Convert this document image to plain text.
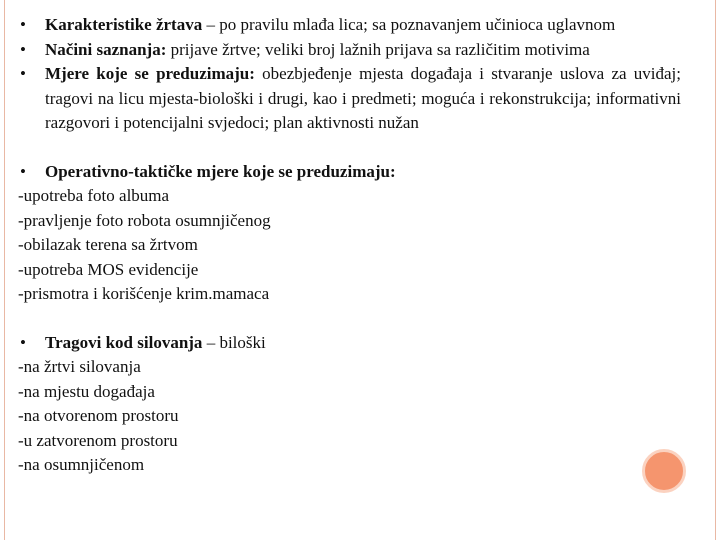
• Karakteristike žrtava – po pravilu mlađa lica; sa poznavanjem učinioca uglavnom
• Načini saznanja: prijave žrtve; veliki broj lažnih prijava sa različitim motivima
• Mjere koje se preduzimaju: obezbjeđenje mjesta događaja i stvaranje uslova za uviđaj; tragovi na licu mjesta-biološki i drugi, kao i predmeti; moguća i rekonstrukcija; informativni razgovori i potencijalni svjedoci; plan aktivnosti nužan
• Operativno-taktičke mjere koje se preduzimaju:
-upotreba foto albuma
-pravljenje foto robota osumnjičenog
-obilazak terena sa žrtvom
-upotreba MOS evidencije
-prismotra i korišćenje krim.mamaca
• Tragovi kod silovanja – biloški
-na žrtvi silovanja
-na mjestu događaja
-na otvorenom prostoru
-u zatvorenom prostoru
-na osumnjičenom
